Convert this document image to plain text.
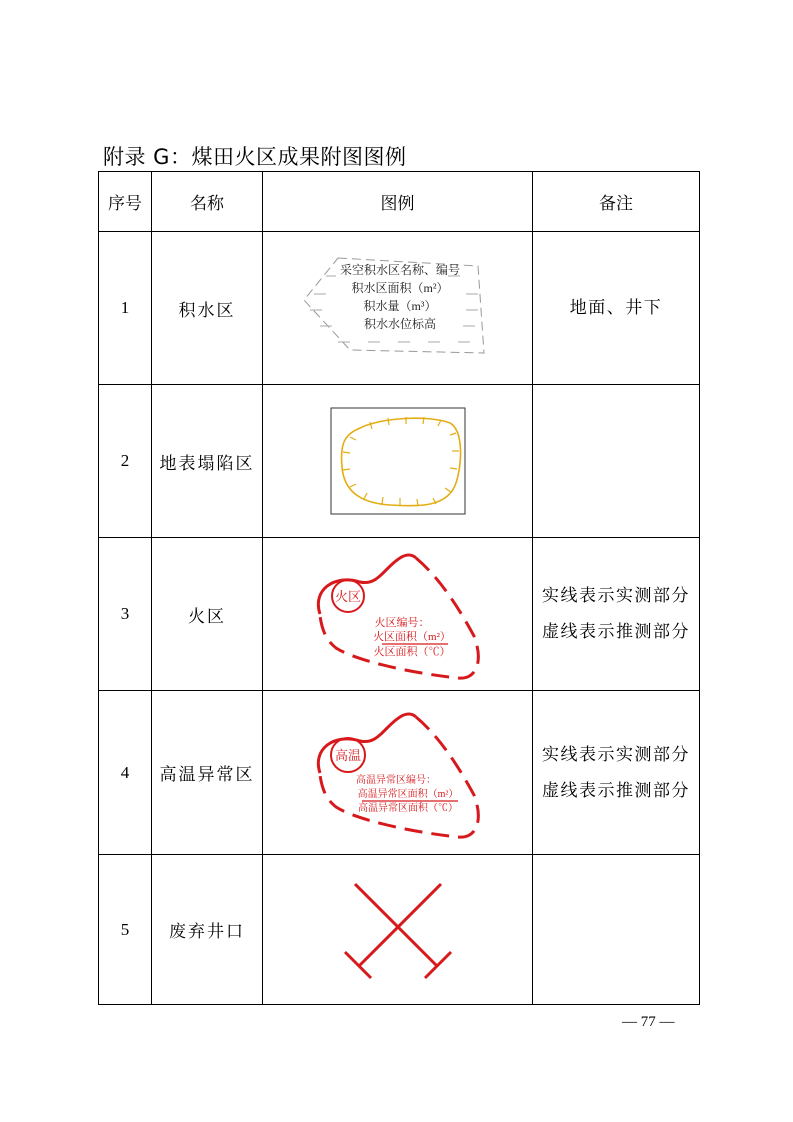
附录 G：煤田火区成果附图图例
序号	名称	图例	备注
1	积水区	采空积水区名称、编号
积水区面积（m²）
积水量（m³）
积水水位标高	地面、井下

2	地表塌陷区	

3	火区	火区
火区编号：
火区面积（m²）
火区面积（℃）	实线表示实测部分
虚线表示推测部分

4	高温异常区	高温
高温异常区编号：
高温异常区面积（m²）
高温异常区面积（℃）	实线表示实测部分
虚线表示推测部分

5	废弃井口	

— 77 —
